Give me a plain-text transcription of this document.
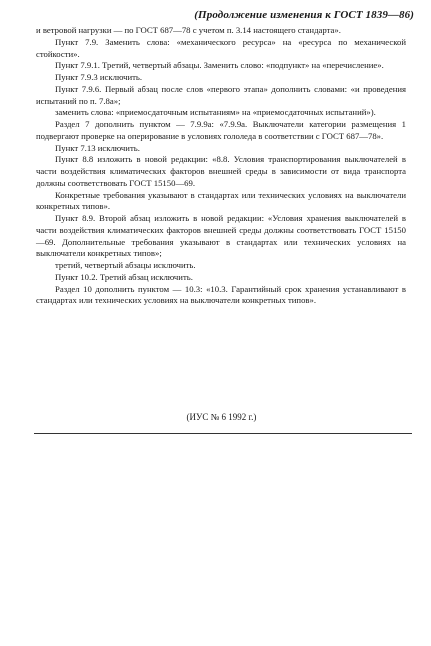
(Продолжение изменения к ГОСТ 1839—86)

и ветровой нагрузки — по ГОСТ 687—78 с учетом п. 3.14 настоящего стандарта».

Пункт 7.9. Заменить слова: «механического ресурса» на «ресурса по механической стойкости».

Пункт 7.9.1. Третий, четвертый абзацы. Заменить слово: «подпункт» на «перечисление».

Пункт 7.9.3 исключить.

Пункт 7.9.6. Первый абзац после слов «первого этапа» дополнить словами: «и проведения испытаний по п. 7.8а»;

заменить слова: «приемосдаточным испытаниям» на «приемосдаточных испытаний»).

Раздел 7 дополнить пунктом — 7.9.9а: «7.9.9а. Выключатели категории размещения 1 подвергают проверке на оперирование в условиях гололеда в соответствии с ГОСТ 687—78».

Пункт 7.13 исключить.

Пункт 8.8 изложить в новой редакции: «8.8. Условия транспортирования выключателей в части воздействия климатических факторов внешней среды в зависимости от вида транспорта должны соответствовать ГОСТ 15150—69.

Конкретные требования указывают в стандартах или технических условиях на выключатели конкретных типов».

Пункт 8.9. Второй абзац изложить в новой редакции: «Условия хранения выключателей в части воздействия климатических факторов внешней среды должны соответствовать ГОСТ 15150—69. Дополнительные требования указывают в стандартах или технических условиях на выключатели конкретных типов»;

третий, четвертый абзацы исключить.

Пункт 10.2. Третий абзац исключить.

Раздел 10 дополнить пунктом — 10.3: «10.3. Гарантийный срок хранения устанавливают в стандартах или технических условиях на выключатели конкретных типов».

(ИУС № 6 1992 г.)
